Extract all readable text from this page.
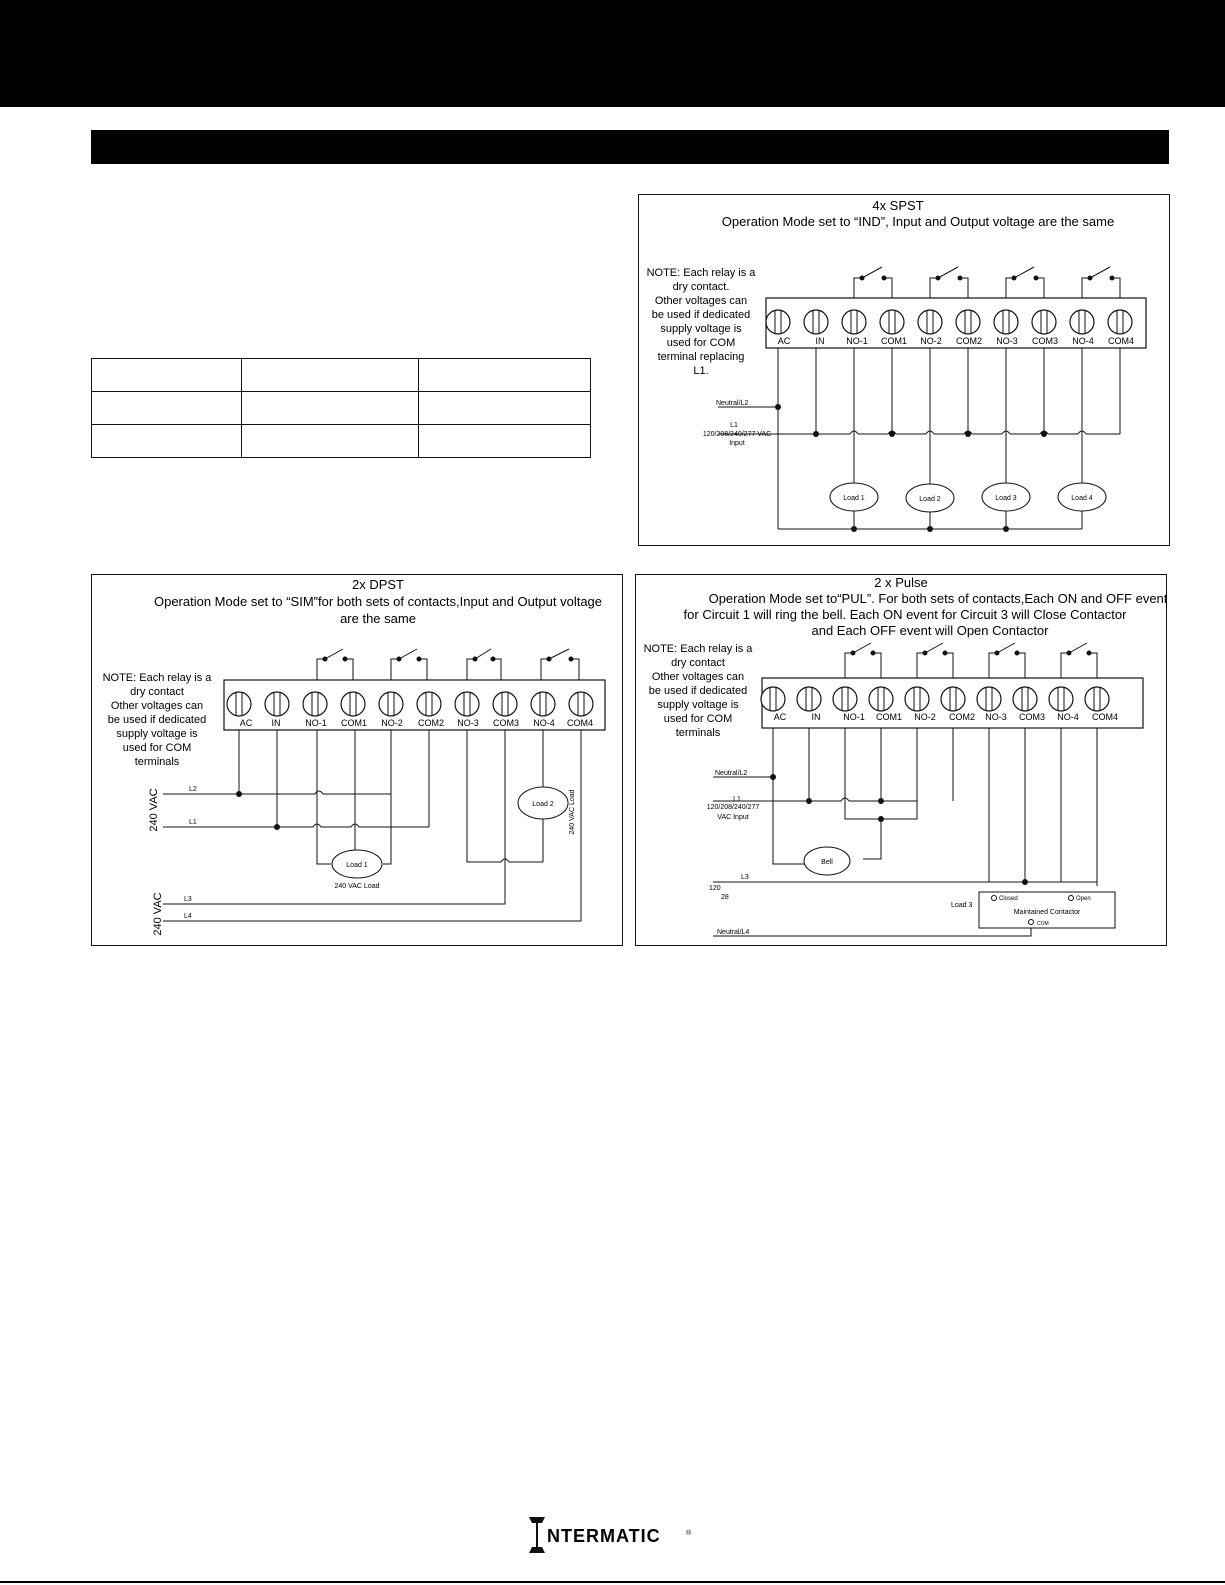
4x SPST
Operation Mode set to “IND”, Input and Output voltage are the same
NOTE: Each relay is a
dry contact.
Other voltages can
be used if dedicated
supply voltage is
used for COM
terminal replacing
L1.
AC	IN NO-1 COM1 NO-2 COM2 NO-3 COM3 NO-4 COM4
Load 1	Load 2	Load 3	Load 4
Neutral/L2
L1
120/208/240/277 VAC
Input
2x DPST
Operation Mode set to “SIM”for both sets of contacts,Input and Output voltage
are the same
NOTE: Each relay is a
dry contact
Other voltages can
be used if dedicated
supply voltage is
used for COM
terminals
AC IN	NO-1 COM1 NO-2 COM2 NO-3 COM3 NO-4 COM4
Load 1
240 VAC Load
Load 2 240 VAC Load
240 VAC
240 VAC
L2
L1
L3
L4
2 x Pulse
Operation Mode set to“PUL”. For both sets of contacts,Each ON and OFF event
for Circuit 1 will ring the bell. Each ON event for Circuit 3 will Close Contactor
and Each OFF event will Open Contactor
NOTE: Each relay is a
dry contact
Other voltages can
be used if dedicated
supply voltage is
used for COM
terminals
AC	IN	NO-1 COM1 NO-2 COM2 NO-3 COM3 NO-4 COM4
Bell
Closed	Open
Maintained Contactor
COM
Load 3
Neutral/L2
L1
120/208/240/277
VAC Input
L3
120
28
Neutral/L4
NTERMATIC	®
